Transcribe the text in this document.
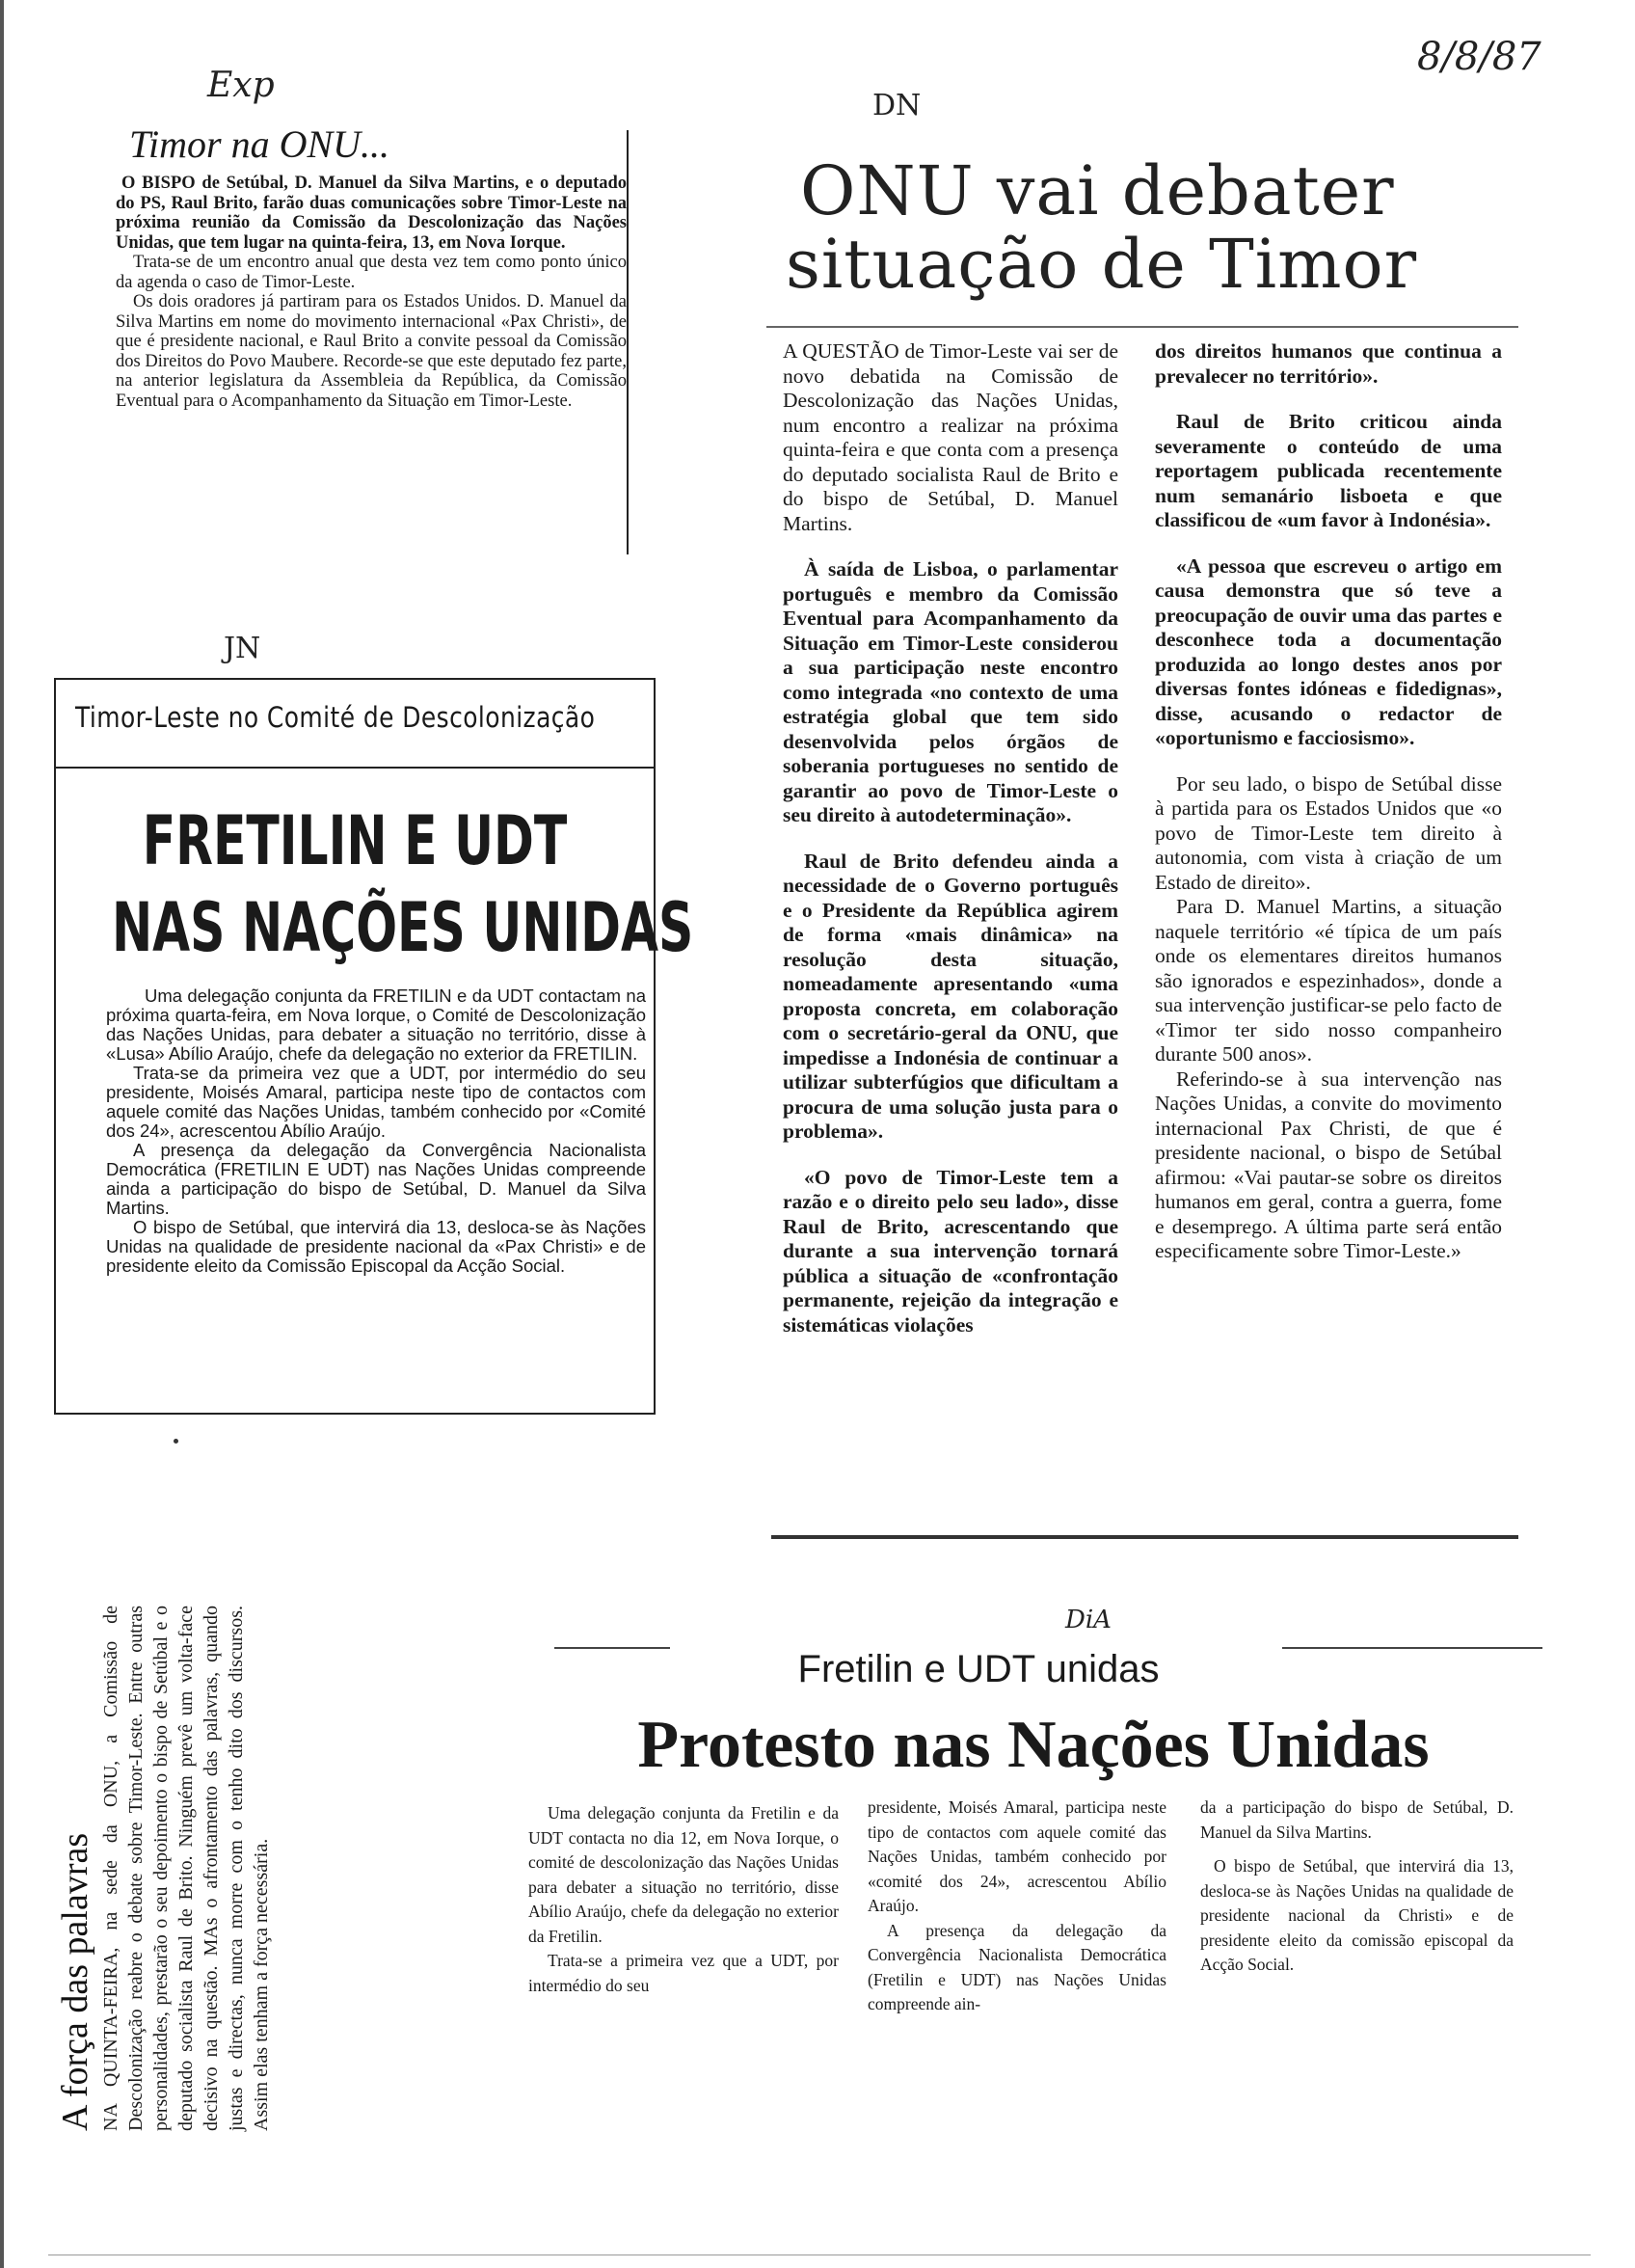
Exp
8/8/87
DN
JN
DiA
Timor na ONU...

O BISPO de Setúbal, D. Manuel da Silva Martins, e o deputado do PS, Raul Brito, farão duas comunicações sobre Timor-Leste na próxima reunião da Comissão da Descolonização das Nações Unidas, que tem lugar na quinta-feira, 13, em Nova Iorque.

Trata-se de um encontro anual que desta vez tem como ponto único da agenda o caso de Timor-Leste.

Os dois oradores já partiram para os Estados Unidos. D. Manuel da Silva Martins em nome do movimento internacional «Pax Christi», de que é presidente nacional, e Raul Brito a convite pessoal da Comissão dos Direitos do Povo Maubere. Recorde-se que este deputado fez parte, na anterior legislatura da Assembleia da República, da Comissão Eventual para o Acompanhamento da Situação em Timor-Leste.

ONU vai debater
situação de Timor

A QUESTÃO de Timor-Leste vai ser de novo debatida na Comissão de Descolonização das Nações Unidas, num encontro a realizar na próxima quinta-feira e que conta com a presença do deputado socialista Raul de Brito e do bispo de Setúbal, D. Manuel Martins.

À saída de Lisboa, o parlamentar português e membro da Comissão Eventual para Acompanhamento da Situação em Timor-Leste considerou a sua participação neste encontro como integrada «no contexto de uma estratégia global que tem sido desenvolvida pelos órgãos de soberania portugueses no sentido de garantir ao povo de Timor-Leste o seu direito à autodeterminação».

Raul de Brito defendeu ainda a necessidade de o Governo português e o Presidente da República agirem de forma «mais dinâmica» na resolução desta situação, nomeadamente apresentando «uma proposta concreta, em colaboração com o secretário-geral da ONU, que impedisse a Indonésia de continuar a utilizar subterfúgios que dificultam a procura de uma solução justa para o problema».

«O povo de Timor-Leste tem a razão e o direito pelo seu lado», disse Raul de Brito, acrescentando que durante a sua intervenção tornará pública a situação de «confrontação permanente, rejeição da integração e sistemáticas violações

dos direitos humanos que continua a prevalecer no território».

Raul de Brito criticou ainda severamente o conteúdo de uma reportagem publicada recentemente num semanário lisboeta e que classificou de «um favor à Indonésia».

«A pessoa que escreveu o artigo em causa demonstra que só teve a preocupação de ouvir uma das partes e desconhece toda a documentação produzida ao longo destes anos por diversas fontes idóneas e fidedignas», disse, acusando o redactor de «oportunismo e facciosismo».

Por seu lado, o bispo de Setúbal disse à partida para os Estados Unidos que «o povo de Timor-Leste tem direito à autonomia, com vista à criação de um Estado de direito».

Para D. Manuel Martins, a situação naquele território «é típica de um país onde os elementares direitos humanos são ignorados e espezinhados», donde a sua intervenção justificar-se pelo facto de «Timor ter sido nosso companheiro durante 500 anos».

Referindo-se à sua intervenção nas Nações Unidas, a convite do movimento internacional Pax Christi, de que é presidente nacional, o bispo de Setúbal afirmou: «Vai pautar-se sobre os direitos humanos em geral, contra a guerra, fome e desemprego. A última parte será então especificamente sobre Timor-Leste.»

Timor-Leste no Comité de Descolonização
FRETILIN E UDT
NAS NAÇÕES UNIDAS

Uma delegação conjunta da FRETILIN e da UDT contactam na próxima quarta-feira, em Nova Iorque, o Comité de Descolonização das Nações Unidas, para debater a situação no território, disse à «Lusa» Abílio Araújo, chefe da delegação no exterior da FRETILIN.

Trata-se da primeira vez que a UDT, por intermédio do seu presidente, Moisés Amaral, participa neste tipo de contactos com aquele comité das Nações Unidas, também conhecido por «Comité dos 24», acrescentou Abílio Araújo.

A presença da delegação da Convergência Nacionalista Democrática (FRETILIN E UDT) nas Nações Unidas compreende ainda a participação do bispo de Setúbal, D. Manuel da Silva Martins.

O bispo de Setúbal, que intervirá dia 13, desloca-se às Nações Unidas na qualidade de presidente nacional da «Pax Christi» e de presidente eleito da Comissão Episcopal da Acção Social.

A força das palavras NA QUINTA-FEIRA, na sede da ONU, a Comissão de Descolonização reabre o debate sobre Timor-Leste. Entre outras personalidades, prestarão o seu depoimento o bispo de Setúbal e o deputado socialista Raul de Brito. Ninguém prevê um volta-face decisivo na questão. MAs o afrontamento das palavras, quando justas e directas, nunca morre com o tenho dito dos discursos. Assim elas tenham a força necessária.
Fretilin e UDT unidas
Protesto nas Nações Unidas

Uma delegação conjunta da Fretilin e da UDT contacta no dia 12, em Nova Iorque, o comité de descolonização das Nações Unidas para debater a situação no território, disse Abílio Araújo, chefe da delegação no exterior da Fretilin.

Trata-se a primeira vez que a UDT, por intermédio do seu

presidente, Moisés Amaral, participa neste tipo de contactos com aquele comité das Nações Unidas, também conhecido por «comité dos 24», acrescentou Abílio Araújo.

A presença da delegação da Convergência Nacionalista Democrática (Fretilin e UDT) nas Nações Unidas compreende ain-

da a participação do bispo de Setúbal, D. Manuel da Silva Martins.

O bispo de Setúbal, que intervirá dia 13, desloca-se às Nações Unidas na qualidade de presidente nacional da Christi» e de presidente eleito da comissão episcopal da Acção Social.
